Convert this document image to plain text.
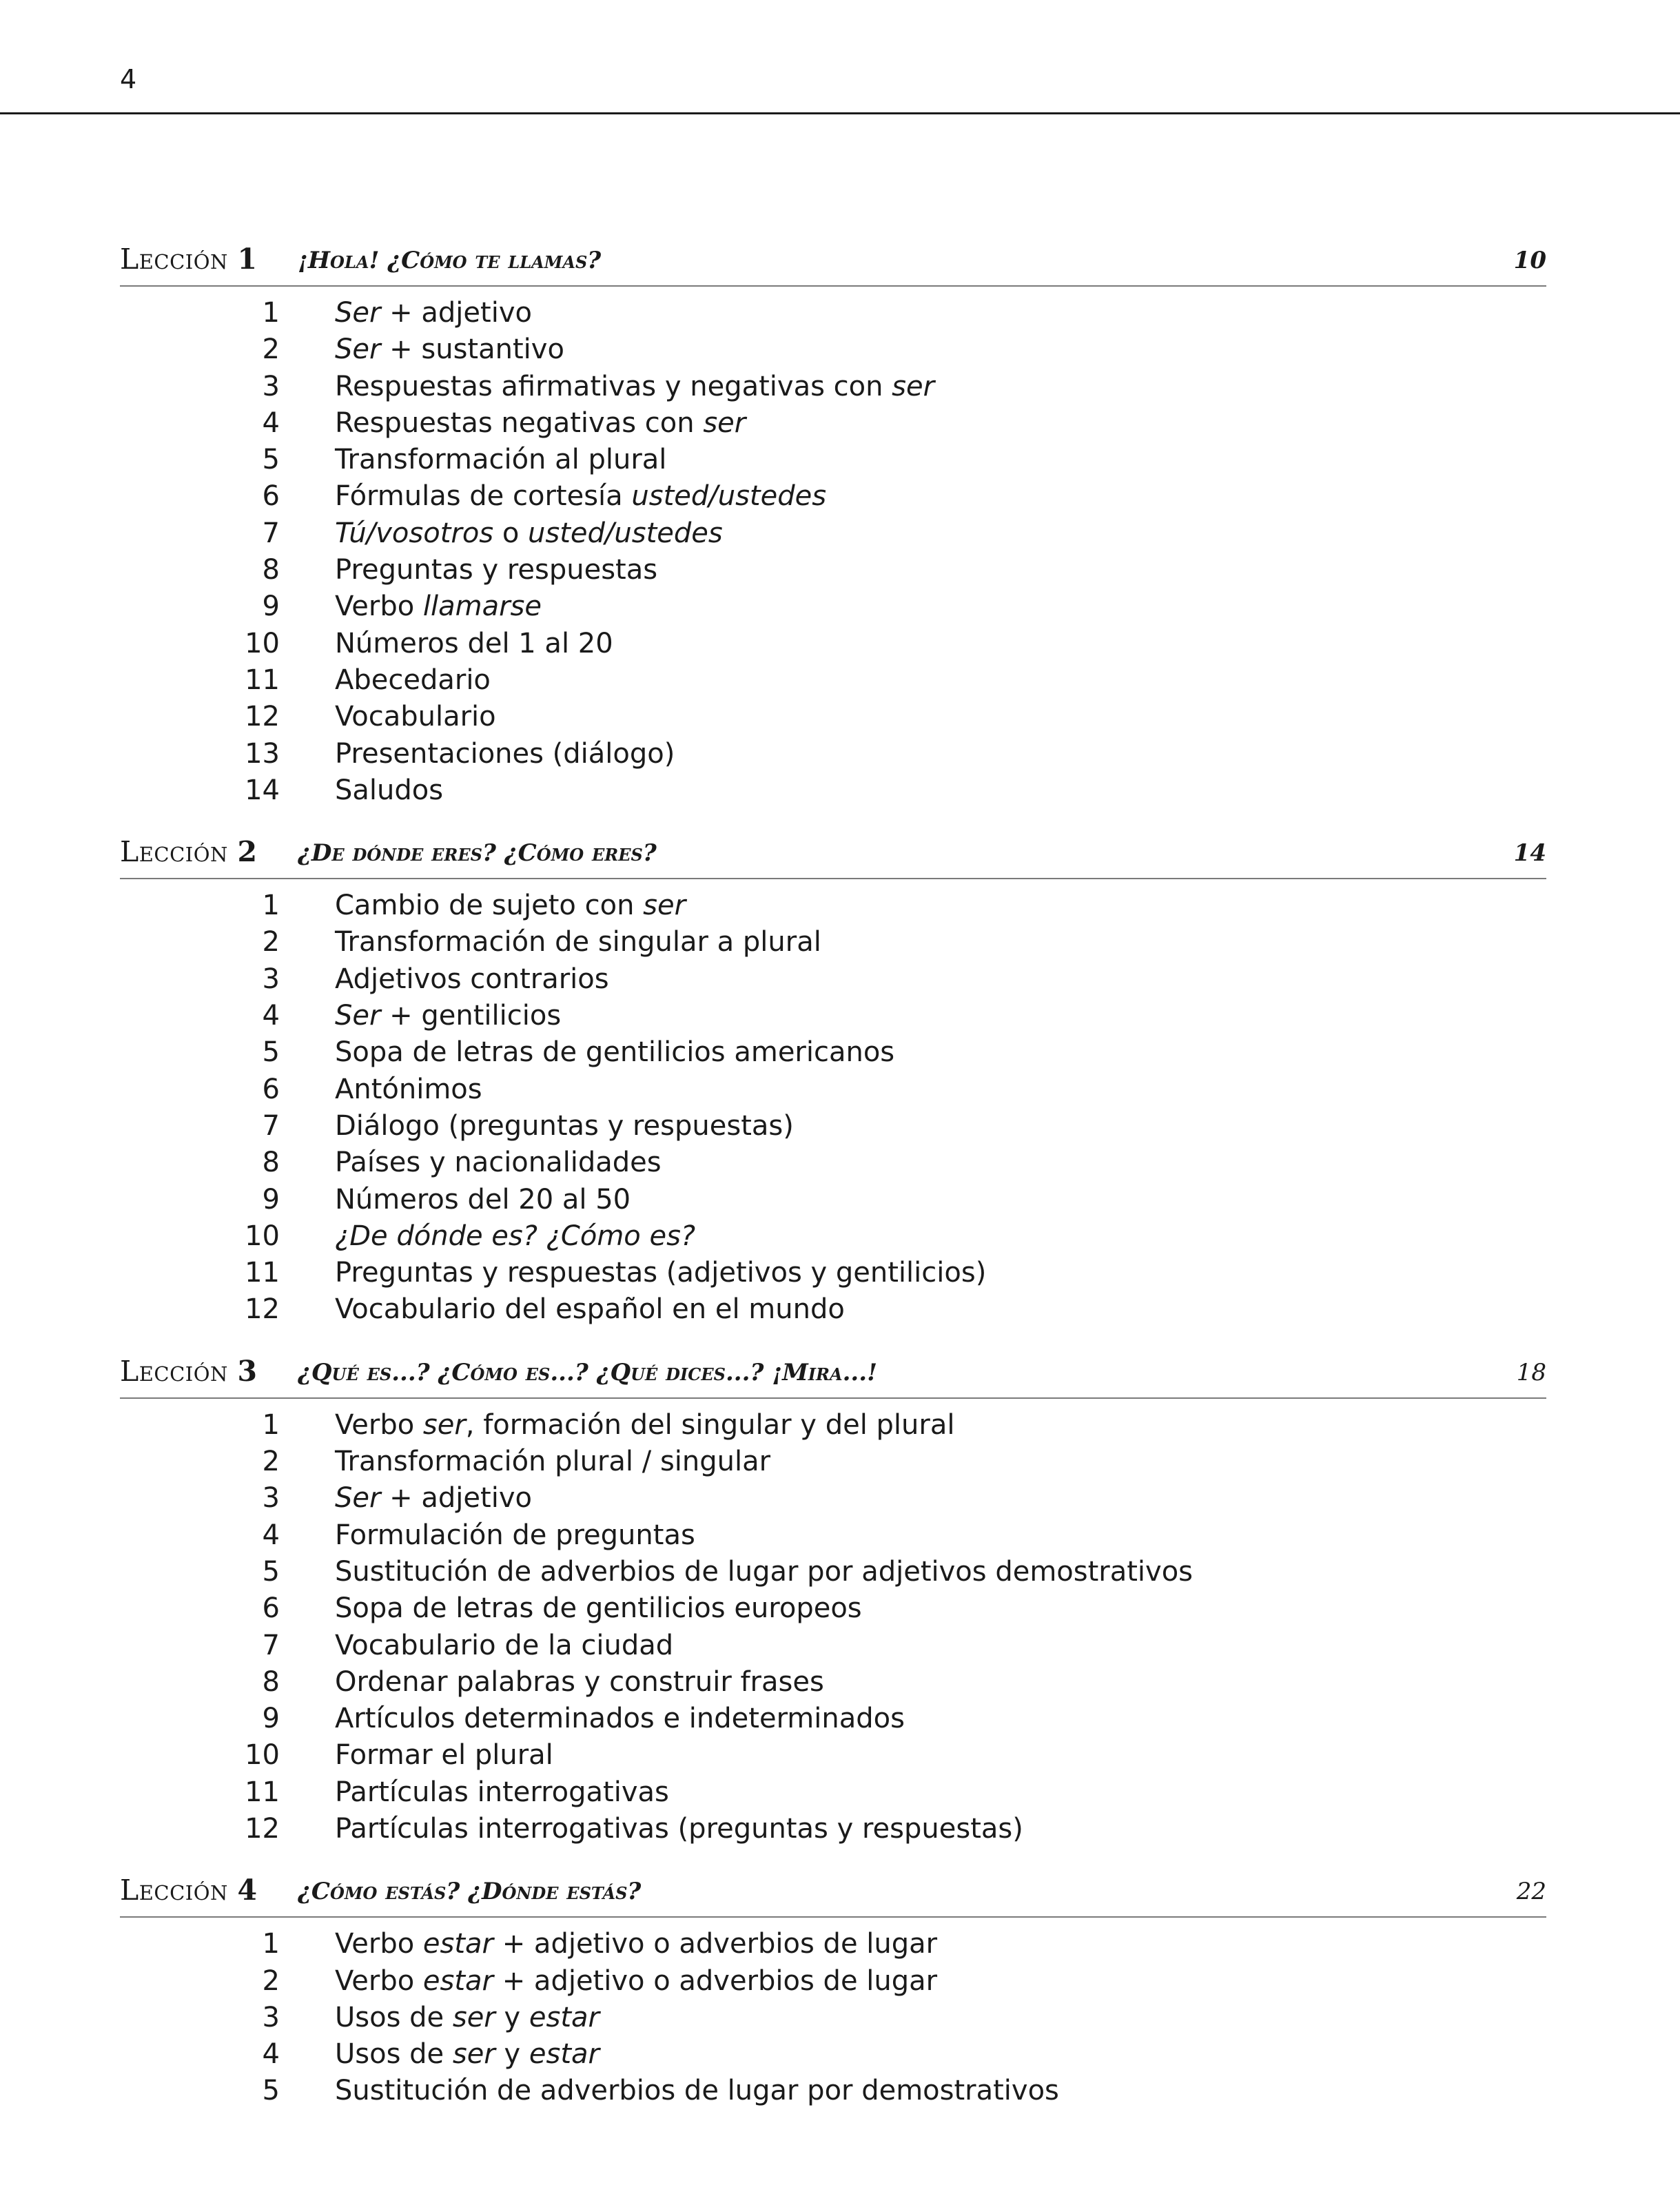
4
Lección 1 ¡Hola! ¿Cómo te llamas?	10
1 Ser + adjetivo
2 Ser + sustantivo
3 Respuestas afirmativas y negativas con ser
4 Respuestas negativas con ser
5 Transformación al plural
6 Fórmulas de cortesía usted/ustedes
7 Tú/vosotros o usted/ustedes
8 Preguntas y respuestas
9 Verbo llamarse
10 Números del 1 al 20
11 Abecedario
12 Vocabulario
13 Presentaciones (diálogo)
14 Saludos
Lección 2 ¿De dónde eres? ¿Cómo eres?	14
1 Cambio de sujeto con ser
2 Transformación de singular a plural
3 Adjetivos contrarios
4 Ser + gentilicios
5 Sopa de letras de gentilicios americanos
6 Antónimos
7 Diálogo (preguntas y respuestas)
8 Países y nacionalidades
9 Números del 20 al 50
10 ¿De dónde es? ¿Cómo es?
11 Preguntas y respuestas (adjetivos y gentilicios)
12 Vocabulario del español en el mundo
Lección 3 ¿Qué es...? ¿Cómo es...? ¿Qué dices...? ¡Mira...!	18
1 Verbo ser, formación del singular y del plural
2 Transformación plural / singular
3 Ser + adjetivo
4 Formulación de preguntas
5 Sustitución de adverbios de lugar por adjetivos demostrativos
6 Sopa de letras de gentilicios europeos
7 Vocabulario de la ciudad
8 Ordenar palabras y construir frases
9 Artículos determinados e indeterminados
10 Formar el plural
11 Partículas interrogativas
12 Partículas interrogativas (preguntas y respuestas)
Lección 4 ¿Cómo estás? ¿Dónde estás?	22
1 Verbo estar + adjetivo o adverbios de lugar
2 Verbo estar + adjetivo o adverbios de lugar
3 Usos de ser y estar
4 Usos de ser y estar
5 Sustitución de adverbios de lugar por demostrativos
